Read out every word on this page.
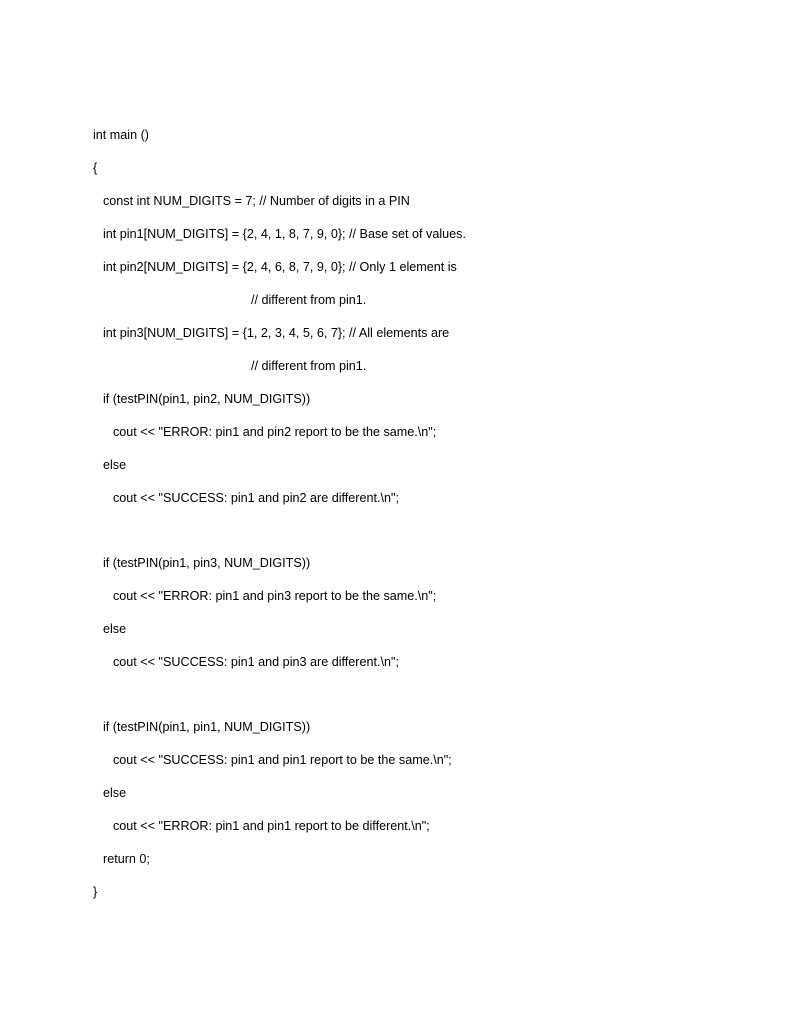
int main ()
{
const int NUM_DIGITS = 7; // Number of digits in a PIN
int pin1[NUM_DIGITS] = {2, 4, 1, 8, 7, 9, 0}; // Base set of values.
int pin2[NUM_DIGITS] = {2, 4, 6, 8, 7, 9, 0}; // Only 1 element is
// different from pin1.
int pin3[NUM_DIGITS] = {1, 2, 3, 4, 5, 6, 7}; // All elements are
// different from pin1.
if (testPIN(pin1, pin2, NUM_DIGITS))
cout << "ERROR: pin1 and pin2 report to be the same.\n";
else
cout << "SUCCESS: pin1 and pin2 are different.\n";
if (testPIN(pin1, pin3, NUM_DIGITS))
cout << "ERROR: pin1 and pin3 report to be the same.\n";
else
cout << "SUCCESS: pin1 and pin3 are different.\n";
if (testPIN(pin1, pin1, NUM_DIGITS))
cout << "SUCCESS: pin1 and pin1 report to be the same.\n";
else
cout << "ERROR: pin1 and pin1 report to be different.\n";
return 0;
}
